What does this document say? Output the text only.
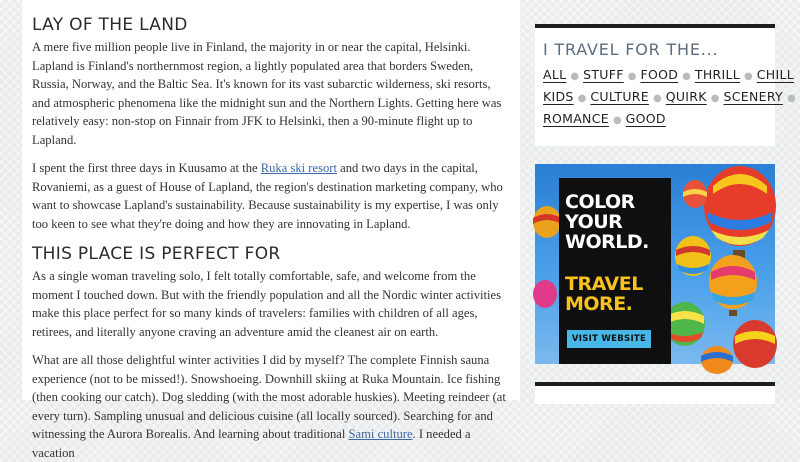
LAY OF THE LAND

A mere five million people live in Finland, the majority in or near the capital, Helsinki. Lapland is Finland's northernmost region, a lightly populated area that borders Sweden, Russia, Norway, and the Baltic Sea. It's known for its vast subarctic wilderness, ski resorts, and atmospheric phenomena like the midnight sun and the Northern Lights. Getting here was relatively easy: non-stop on Finnair from JFK to Helsinki, then a 90-minute flight up to Lapland.

I spent the first three days in Kuusamo at the Ruka ski resort and two days in the capital, Rovaniemi, as a guest of House of Lapland, the region's destination marketing company, who want to showcase Lapland's sustainability. Because sustainability is my expertise, I was only too keen to see what they're doing and how they are innovating in Lapland.

THIS PLACE IS PERFECT FOR

As a single woman traveling solo, I felt totally comfortable, safe, and welcome from the moment I touched down. But with the friendly population and all the Nordic winter activities make this place perfect for so many kinds of travelers: families with children of all ages, retirees, and literally anyone craving an adventure amid the cleanest air on earth.

What are all those delightful winter activities I did by myself? The complete Finnish sauna experience (not to be missed!). Snowshoeing. Downhill skiing at Ruka Mountain. Ice fishing (then cooking our catch). Dog sledding (with the most adorable huskies). Meeting reindeer (at every turn). Sampling unusual and delicious cuisine (all locally sourced). Searching for and witnessing the Aurora Borealis. And learning about traditional Sami culture. I needed a vacation

I TRAVEL FOR THE...
ALL ● STUFF ● FOOD ● THRILL ● CHILL
KIDS ● CULTURE ● QUIRK ● SCENERY ●
ROMANCE ● GOOD
COLOR YOUR WORLD.
TRAVEL MORE.
VISIT WEBSITE
